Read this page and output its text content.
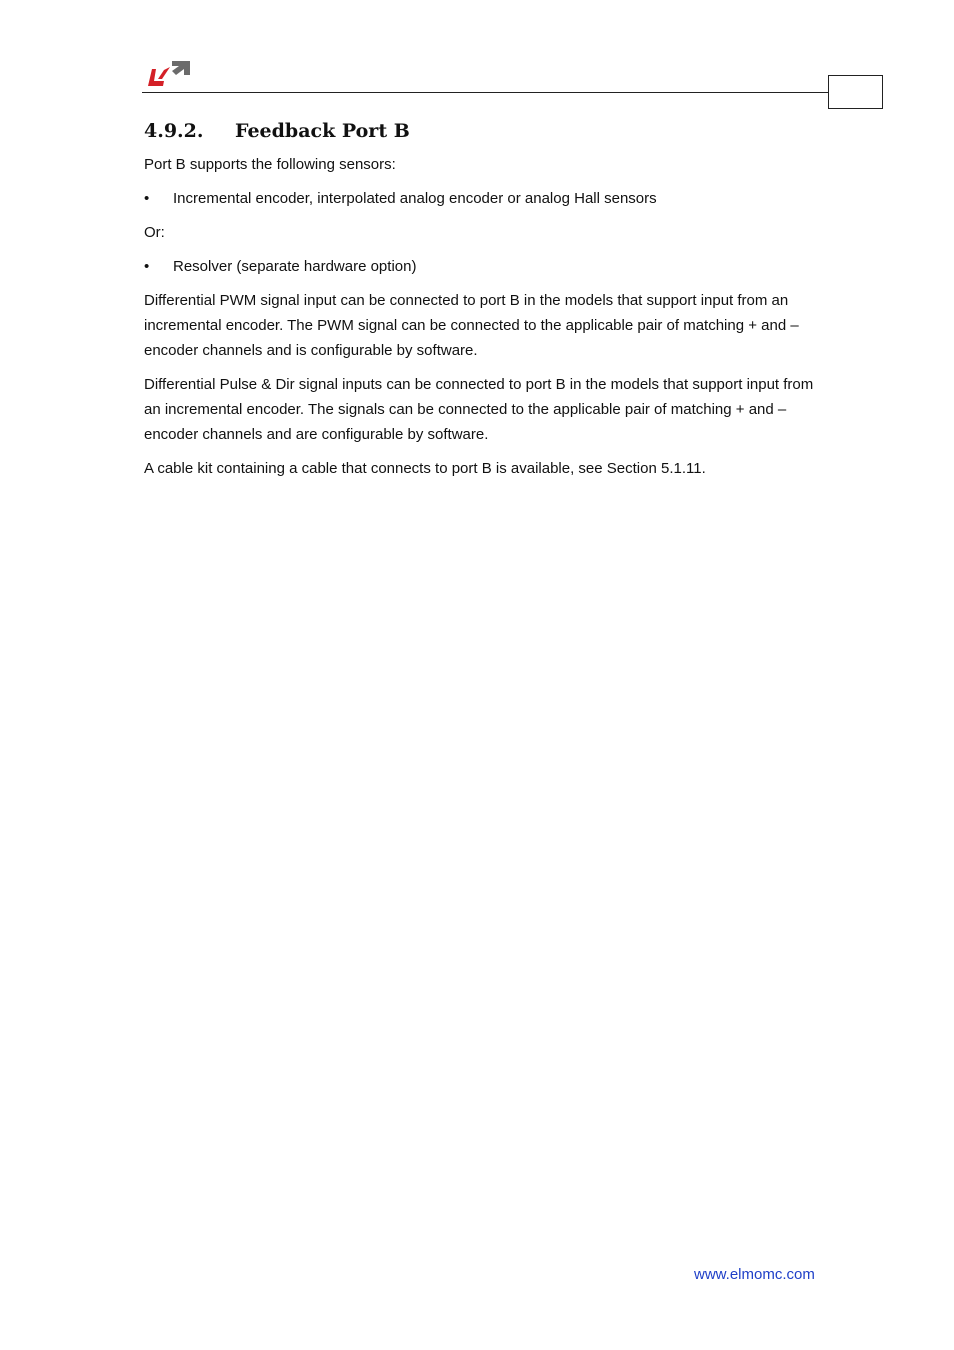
4.9.2. Feedback Port B

Port B supports the following sensors:

•	Incremental encoder, interpolated analog encoder or analog Hall sensors

Or:

•	Resolver (separate hardware option)

Differential PWM signal input can be connected to port B in the models that support input from an incremental encoder. The PWM signal can be connected to the applicable pair of matching + and – encoder channels and is configurable by software.

Differential Pulse & Dir signal inputs can be connected to port B in the models that support input from an incremental encoder. The signals can be connected to the applicable pair of matching + and – encoder channels and are configurable by software.

A cable kit containing a cable that connects to port B is available, see Section 5.1.11.

www.elmomc.com
